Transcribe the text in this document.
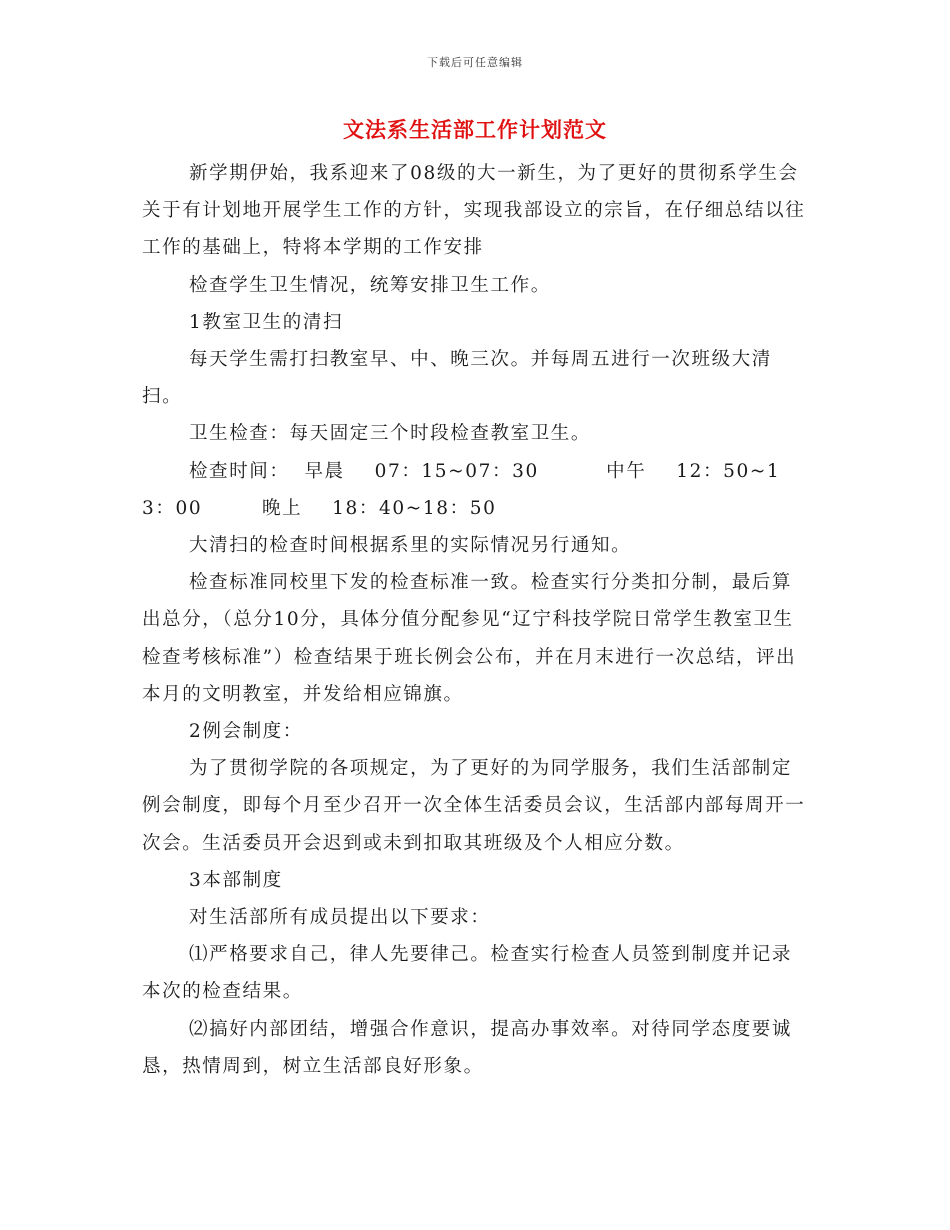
下载后可任意编辑
文法系生活部工作计划范文

新学期伊始，我系迎来了08级的大一新生，为了更好的贯彻系学生会关于有计划地开展学生工作的方针，实现我部设立的宗旨，在仔细总结以往工作的基础上，特将本学期的工作安排

检查学生卫生情况，统筹安排卫生工作。

1教室卫生的清扫

每天学生需打扫教室早、中、晚三次。并每周五进行一次班级大清扫。

卫生检查：每天固定三个时段检查教室卫生。

检查时间：  早晨    07：15~07：30         中午    12：50~13：00        晚上    18：40~18：50

大清扫的检查时间根据系里的实际情况另行通知。

检查标准同校里下发的检查标准一致。检查实行分类扣分制，最后算出总分，（总分10分，具体分值分配参见“辽宁科技学院日常学生教室卫生检查考核标准”）检查结果于班长例会公布，并在月末进行一次总结，评出本月的文明教室，并发给相应锦旗。

2例会制度：

为了贯彻学院的各项规定，为了更好的为同学服务，我们生活部制定例会制度，即每个月至少召开一次全体生活委员会议，生活部内部每周开一次会。生活委员开会迟到或未到扣取其班级及个人相应分数。

3本部制度

对生活部所有成员提出以下要求：

⑴严格要求自己，律人先要律己。检查实行检查人员签到制度并记录本次的检查结果。

⑵搞好内部团结，增强合作意识，提高办事效率。对待同学态度要诚恳，热情周到，树立生活部良好形象。
